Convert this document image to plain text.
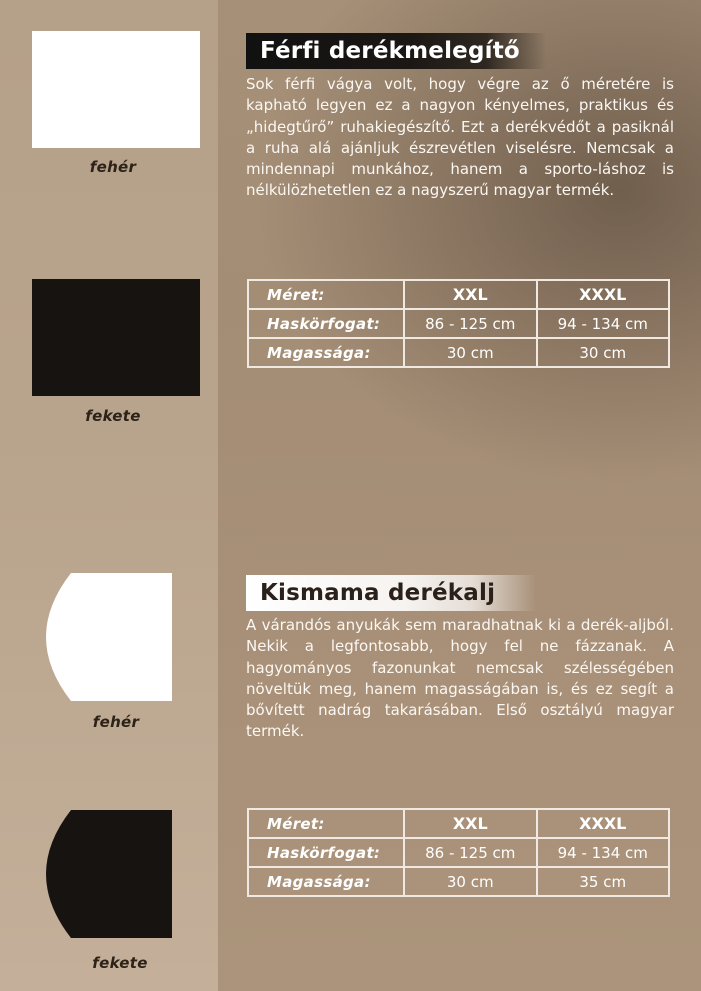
fehér
fekete
fehér
fekete
Férfi derékmelegítő

Sok férfi vágya volt, hogy végre az ő méretére is kapható legyen ez a nagyon kényelmes, praktikus és „hidegtűrő” ruhakiegészítő. Ezt a derékvédőt a pasiknál a ruha alá ajánljuk észrevétlen viselésre. Nemcsak a mindennapi munkához, hanem a sporto-láshoz is nélkülözhetetlen ez a nagyszerű magyar termék.

Méret:	XXL	XXXL
Haskörfogat:	86 - 125 cm	94 - 134 cm
Magassága:	30 cm	30 cm
Kismama derékalj

A várandós anyukák sem maradhatnak ki a derék-aljból. Nekik a legfontosabb, hogy fel ne fázzanak. A hagyományos fazonunkat nemcsak szélességében növeltük meg, hanem magasságában is, és ez segít a bővített nadrág takarásában. Első osztályú magyar termék.

Méret:	XXL	XXXL
Haskörfogat:	86 - 125 cm	94 - 134 cm
Magassága:	30 cm	35 cm
